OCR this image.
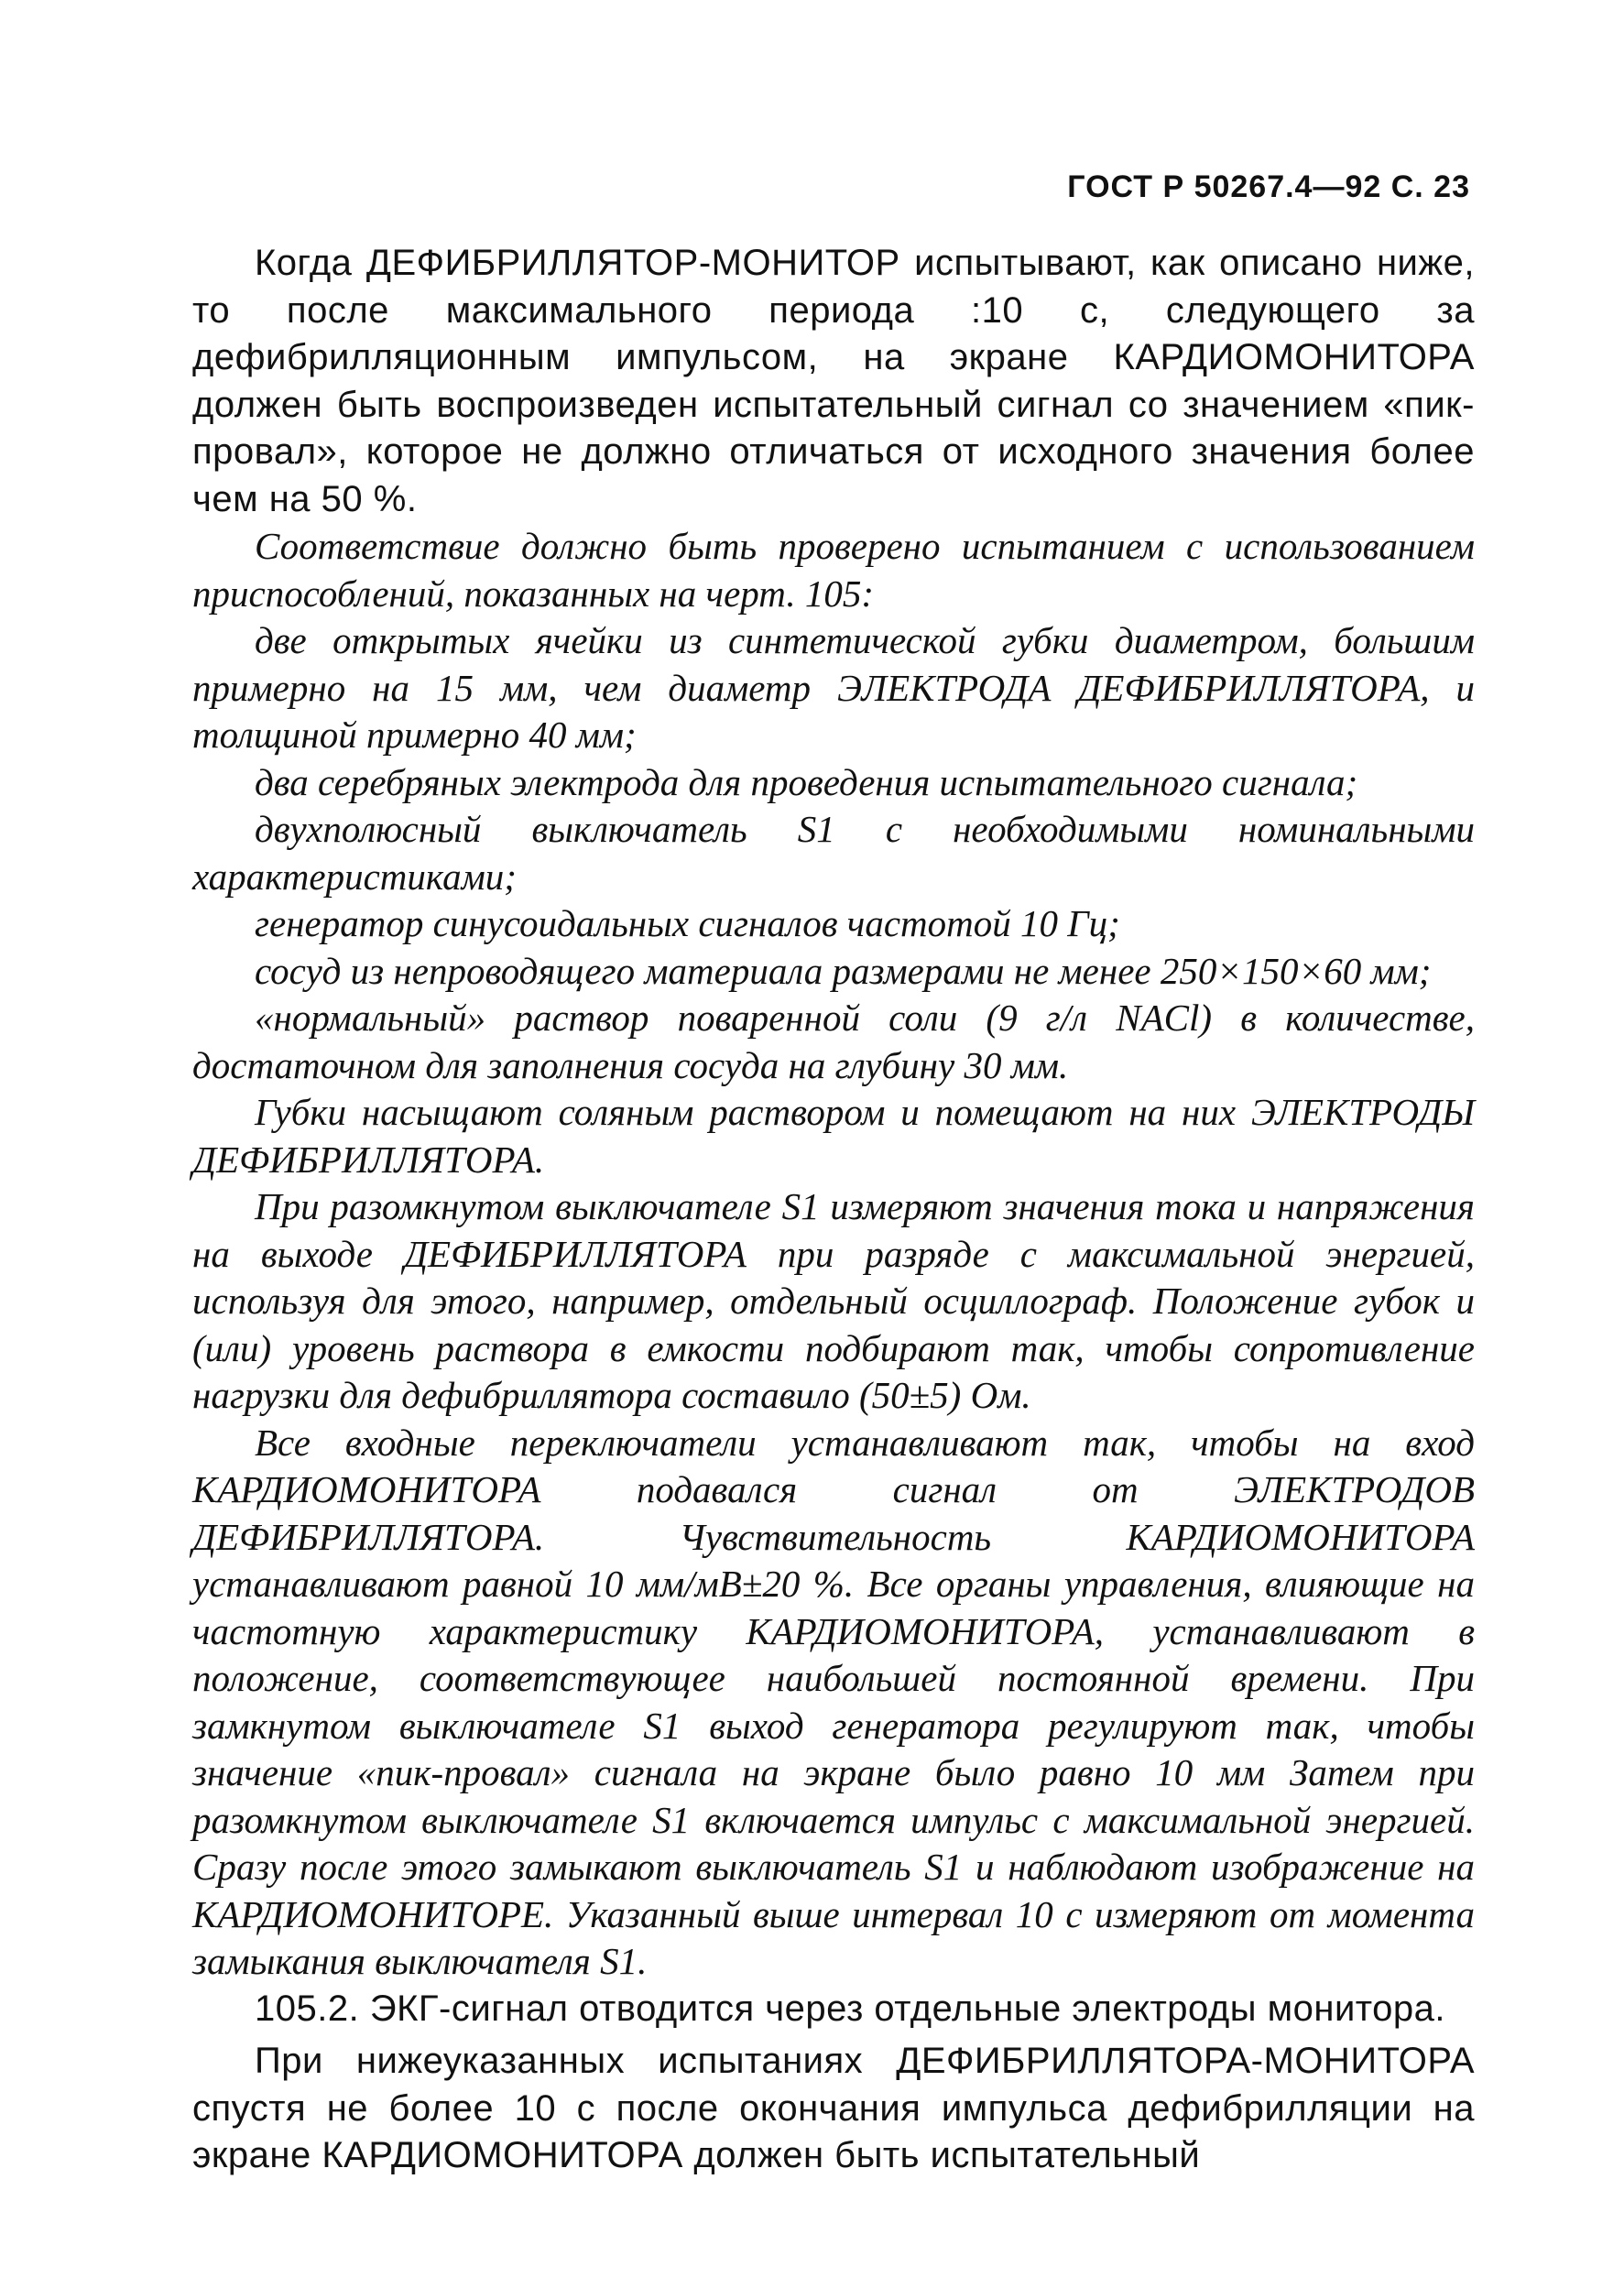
ГОСТ Р 50267.4—92 С. 23

Когда ДЕФИБРИЛЛЯТОР-МОНИТОР испытывают, как описано ниже, то после максимального периода :10 с, следующего за дефибрилляционным импульсом, на экране КАРДИОМОНИТОРА должен быть воспроизведен испытательный сигнал со значением «пик-провал», которое не должно отличаться от исходного значения более чем на 50 %.

Соответствие должно быть проверено испытанием с использованием приспособлений, показанных на черт. 105:

две открытых ячейки из синтетической губки диаметром, большим примерно на 15 мм, чем диаметр ЭЛЕКТРОДА ДЕФИБРИЛЛЯТОРА, и толщиной примерно 40 мм;

два серебряных электрода для проведения испытательного сигнала;

двухполюсный выключатель S1 с необходимыми номинальными характеристиками;

генератор синусоидальных сигналов частотой 10 Гц;

сосуд из непроводящего материала размерами не менее 250×150×60 мм;

«нормальный» раствор поваренной соли (9 г/л NACl) в количестве, достаточном для заполнения сосуда на глубину 30 мм.

Губки насыщают соляным раствором и помещают на них ЭЛЕКТРОДЫ ДЕФИБРИЛЛЯТОРА.

При разомкнутом выключателе S1 измеряют значения тока и напряжения на выходе ДЕФИБРИЛЛЯТОРА при разряде с максимальной энергией, используя для этого, например, отдельный осциллограф. Положение губок и (или) уровень раствора в емкости подбирают так, чтобы сопротивление нагрузки для дефибриллятора составило (50±5) Ом.

Все входные переключатели устанавливают так, чтобы на вход КАРДИОМОНИТОРА подавался сигнал от ЭЛЕКТРОДОВ ДЕФИБРИЛЛЯТОРА. Чувствительность КАРДИОМОНИТОРА устанавливают равной 10 мм/мВ±20 %. Все органы управления, влияющие на частотную характеристику КАРДИОМОНИТОРА, устанавливают в положение, соответствующее наибольшей постоянной времени. При замкнутом выключателе S1 выход генератора регулируют так, чтобы значение «пик-провал» сигнала на экране было равно 10 мм Затем при разомкнутом выключателе S1 включается импульс с максимальной энергией. Сразу после этого замыкают выключатель S1 и наблюдают изображение на КАРДИОМОНИТОРЕ. Указанный выше интервал 10 с измеряют от момента замыкания выключателя S1.

105.2. ЭКГ-сигнал отводится через отдельные электроды монитора.

При нижеуказанных испытаниях ДЕФИБРИЛЛЯТОРА-МОНИТОРА спустя не более 10 с после окончания импульса дефибрилляции на экране КАРДИОМОНИТОРА должен быть испытательный
